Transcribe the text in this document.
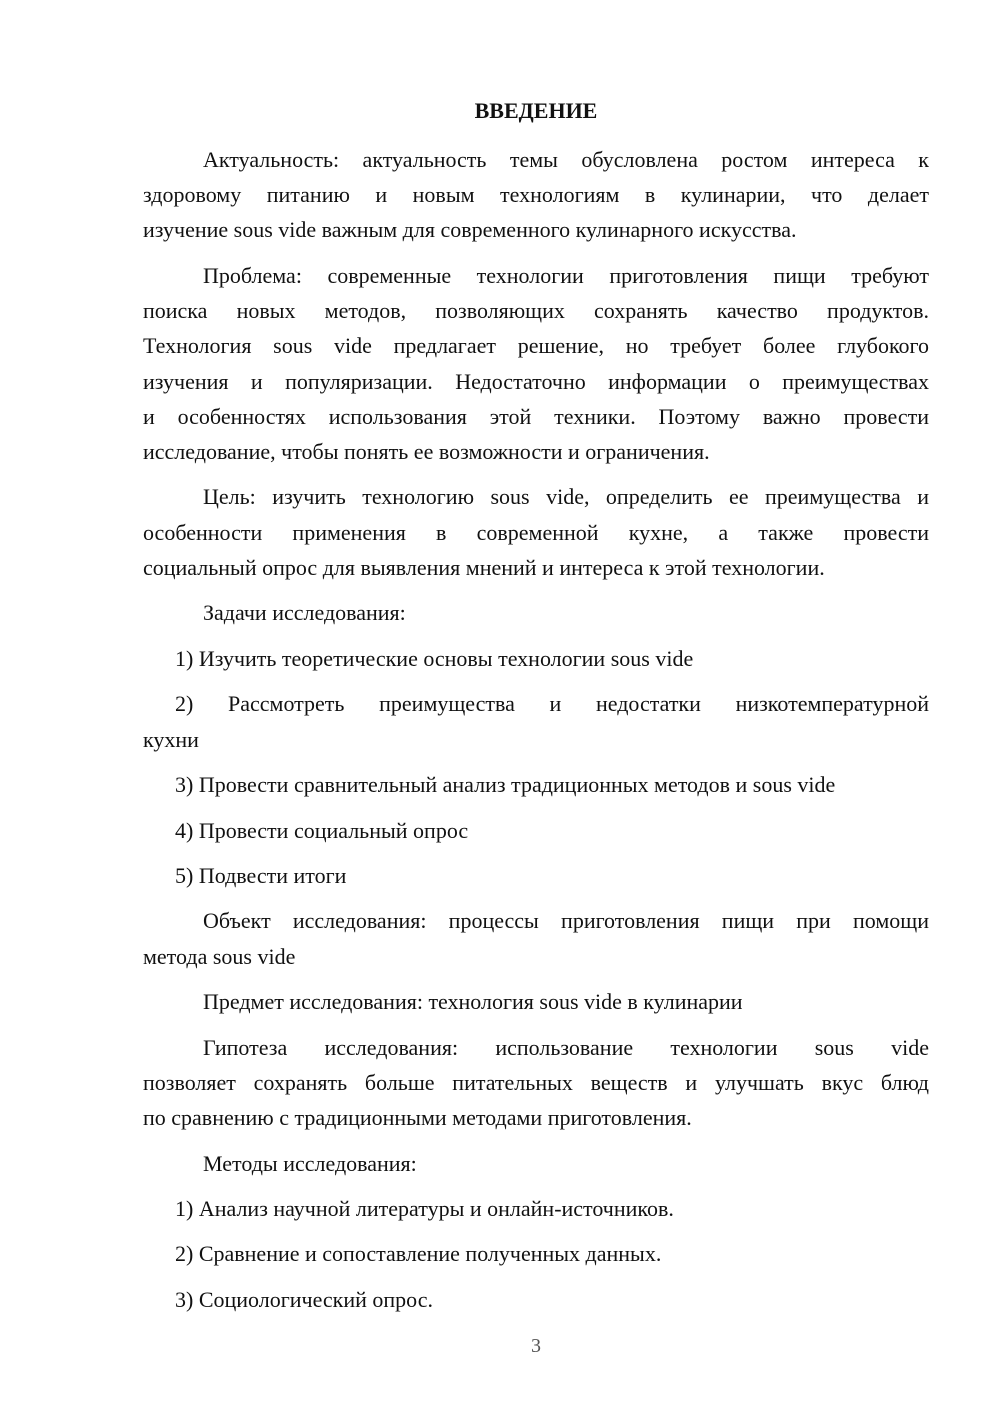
ВВЕДЕНИЕ
Актуальность: актуальность темы обусловлена ростом интереса к
здоровому питанию и новым технологиям в кулинарии, что делает
изучение sous vide важным для современного кулинарного искусства.
Проблема: современные технологии приготовления пищи требуют
поиска новых методов, позволяющих сохранять качество продуктов.
Технология sous vide предлагает решение, но требует более глубокого
изучения и популяризации. Недостаточно информации о преимуществах
и особенностях использования этой техники. Поэтому важно провести
исследование, чтобы понять ее возможности и ограничения.
Цель: изучить технологию sous vide, определить ее преимущества и
особенности применения в современной кухне, а также провести
социальный опрос для выявления мнений и интереса к этой технологии.
Задачи исследования:
1) Изучить теоретические основы технологии sous vide
2) Рассмотреть преимущества и недостатки низкотемпературной
кухни
3) Провести сравнительный анализ традиционных методов и sous vide
4) Провести социальный опрос
5) Подвести итоги
Объект исследования: процессы приготовления пищи при помощи
метода sous vide
Предмет исследования: технология sous vide в кулинарии
Гипотеза исследования: использование технологии sous vide
позволяет сохранять больше питательных веществ и улучшать вкус блюд
по сравнению с традиционными методами приготовления.
Методы исследования:
1) Анализ научной литературы и онлайн-источников.
2) Сравнение и сопоставление полученных данных.
3) Социологический опрос.
3
